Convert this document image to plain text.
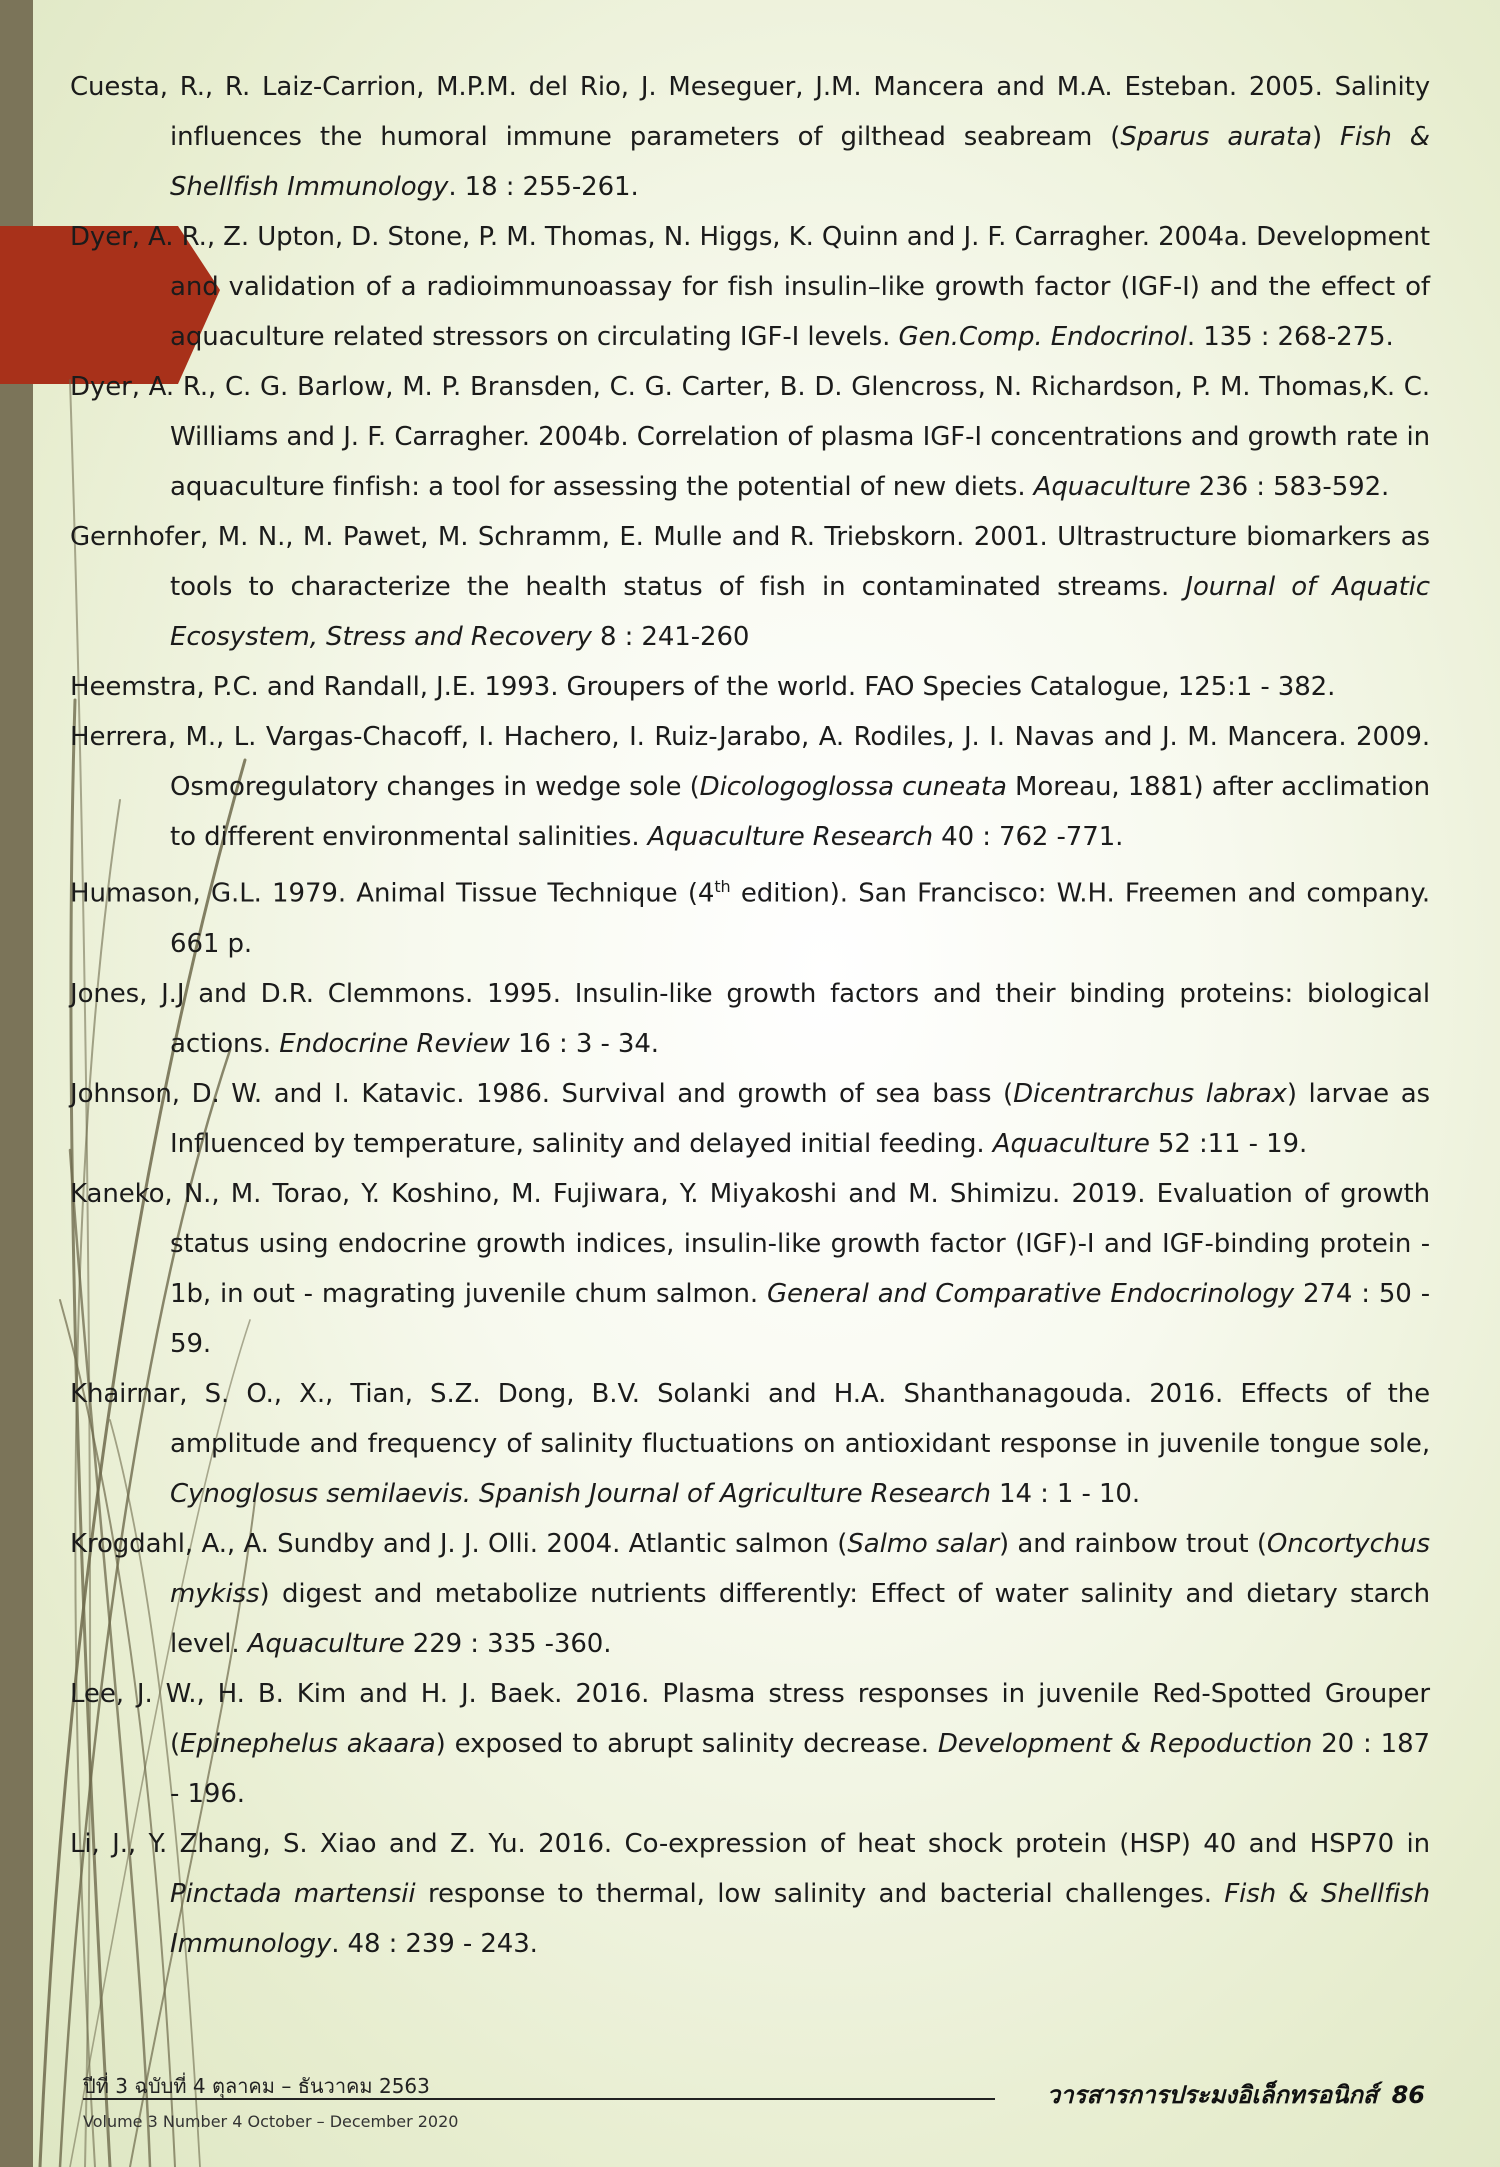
Cuesta, R., R. Laiz-Carrion, M.P.M. del Rio, J. Meseguer, J.M. Mancera and M.A. Esteban. 2005. Salinity influences the humoral immune parameters of gilthead seabream (Sparus aurata) Fish & Shellfish Immunology. 18 : 255-261.

Dyer, A. R., Z. Upton, D. Stone, P. M. Thomas, N. Higgs, K. Quinn and J. F. Carragher. 2004a. Development and validation of a radioimmunoassay for fish insulin–like growth factor (IGF-I) and the effect of aquaculture related stressors on circulating IGF-I levels. Gen.Comp. Endocrinol. 135 : 268-275.

Dyer, A. R., C. G. Barlow, M. P. Bransden, C. G. Carter, B. D. Glencross, N. Richardson, P. M. Thomas,K. C. Williams and J. F. Carragher. 2004b. Correlation of plasma IGF-I concentrations and growth rate in aquaculture finfish: a tool for assessing the potential of new diets. Aquaculture 236 : 583-592.

Gernhofer, M. N., M. Pawet, M. Schramm, E. Mulle and R. Triebskorn. 2001. Ultrastructure biomarkers as tools to characterize the health status of fish in contaminated streams. Journal of Aquatic Ecosystem, Stress and Recovery 8 : 241-260

Heemstra, P.C. and Randall, J.E. 1993. Groupers of the world. FAO Species Catalogue, 125:1 - 382.

Herrera, M., L. Vargas-Chacoff, I. Hachero, I. Ruiz-Jarabo, A. Rodiles, J. I. Navas and J. M. Mancera. 2009. Osmoregulatory changes in wedge sole (Dicologoglossa cuneata Moreau, 1881) after acclimation to different environmental salinities. Aquaculture Research 40 : 762 -771.

Humason, G.L. 1979. Animal Tissue Technique (4th edition). San Francisco: W.H. Freemen and company. 661 p.

Jones, J.J and D.R. Clemmons. 1995. Insulin-like growth factors and their binding proteins: biological actions. Endocrine Review 16 : 3 - 34.

Johnson, D. W. and I. Katavic. 1986. Survival and growth of sea bass (Dicentrarchus labrax) larvae as Influenced by temperature, salinity and delayed initial feeding. Aquaculture 52 :11 - 19.

Kaneko, N., M. Torao, Y. Koshino, M. Fujiwara, Y. Miyakoshi and M. Shimizu. 2019. Evaluation of growth status using endocrine growth indices, insulin-like growth factor (IGF)-I and IGF-binding protein - 1b, in out - magrating juvenile chum salmon. General and Comparative Endocrinology 274 : 50 - 59.

Khairnar, S. O., X., Tian, S.Z. Dong, B.V. Solanki and H.A. Shanthanagouda. 2016. Effects of the amplitude and frequency of salinity fluctuations on antioxidant response in juvenile tongue sole, Cynoglosus semilaevis. Spanish Journal of Agriculture Research 14 : 1 - 10.

Krogdahl, A., A. Sundby and J. J. Olli. 2004. Atlantic salmon (Salmo salar) and rainbow trout (Oncortychus mykiss) digest and metabolize nutrients differently: Effect of water salinity and dietary starch level. Aquaculture 229 : 335 -360.

Lee, J. W., H. B. Kim and H. J. Baek. 2016. Plasma stress responses in juvenile Red-Spotted Grouper (Epinephelus akaara) exposed to abrupt salinity decrease. Development & Repoduction 20 : 187 - 196.

Li, J., Y. Zhang, S. Xiao and Z. Yu. 2016. Co-expression of heat shock protein (HSP) 40 and HSP70 in Pinctada martensii response to thermal, low salinity and bacterial challenges. Fish & Shellfish Immunology. 48 : 239 - 243.

ปีที่ 3 ฉบับที่ 4 ตุลาคม – ธันวาคม 2563
Volume 3 Number 4 October – December 2020
วารสารการประมงอิเล็กทรอนิกส์ 86
